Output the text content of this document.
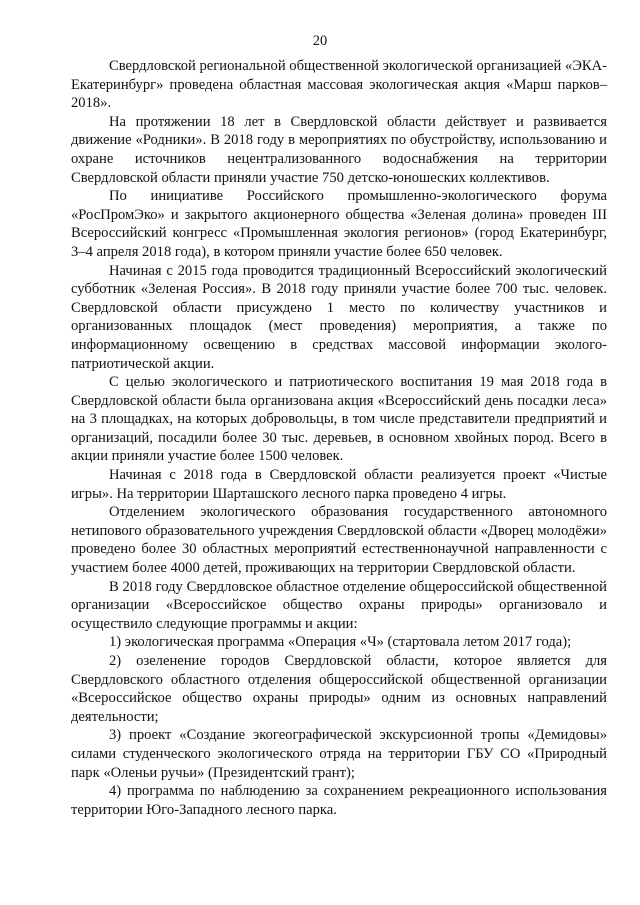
20

Свердловской региональной общественной экологической организацией «ЭКА-Екатеринбург» проведена областная массовая экологическая акция «Марш парков–2018».

На протяжении 18 лет в Свердловской области действует и развивается движение «Родники». В 2018 году в мероприятиях по обустройству, использованию и охране источников нецентрализованного водоснабжения на территории Свердловской области приняли участие 750 детско-юношеских коллективов.

По инициативе Российского промышленно-экологического форума «РосПромЭко» и закрытого акционерного общества «Зеленая долина» проведен III Всероссийский конгресс «Промышленная экология регионов» (город Екатеринбург, 3–4 апреля 2018 года), в котором приняли участие более 650 человек.

Начиная с 2015 года проводится традиционный Всероссийский экологический субботник «Зеленая Россия». В 2018 году приняли участие более 700 тыс. человек. Свердловской области присуждено 1 место по количеству участников и организованных площадок (мест проведения) мероприятия, а также по информационному освещению в средствах массовой информации эколого-патриотической акции.

С целью экологического и патриотического воспитания 19 мая 2018 года в Свердловской области была организована акция «Всероссийский день посадки леса» на 3 площадках, на которых добровольцы, в том числе представители предприятий и организаций, посадили более 30 тыс. деревьев, в основном хвойных пород. Всего в акции приняли участие более 1500 человек.

Начиная с 2018 года в Свердловской области реализуется проект «Чистые игры». На территории Шарташского лесного парка проведено 4 игры.

Отделением экологического образования государственного автономного нетипового образовательного учреждения Свердловской области «Дворец молодёжи» проведено более 30 областных мероприятий естественнонаучной направленности с участием более 4000 детей, проживающих на территории Свердловской области.

В 2018 году Свердловское областное отделение общероссийской общественной организации «Всероссийское общество охраны природы» организовало и осуществило следующие программы и акции:

1) экологическая программа «Операция «Ч» (стартовала летом 2017 года);

2) озеленение городов Свердловской области, которое является для Свердловского областного отделения общероссийской общественной организации «Всероссийское общество охраны природы» одним из основных направлений деятельности;

3) проект «Создание экогеографической экскурсионной тропы «Демидовы» силами студенческого экологического отряда на территории ГБУ СО «Природный парк «Оленьи ручьи» (Президентский грант);

4) программа по наблюдению за сохранением рекреационного использования территории Юго-Западного лесного парка.
